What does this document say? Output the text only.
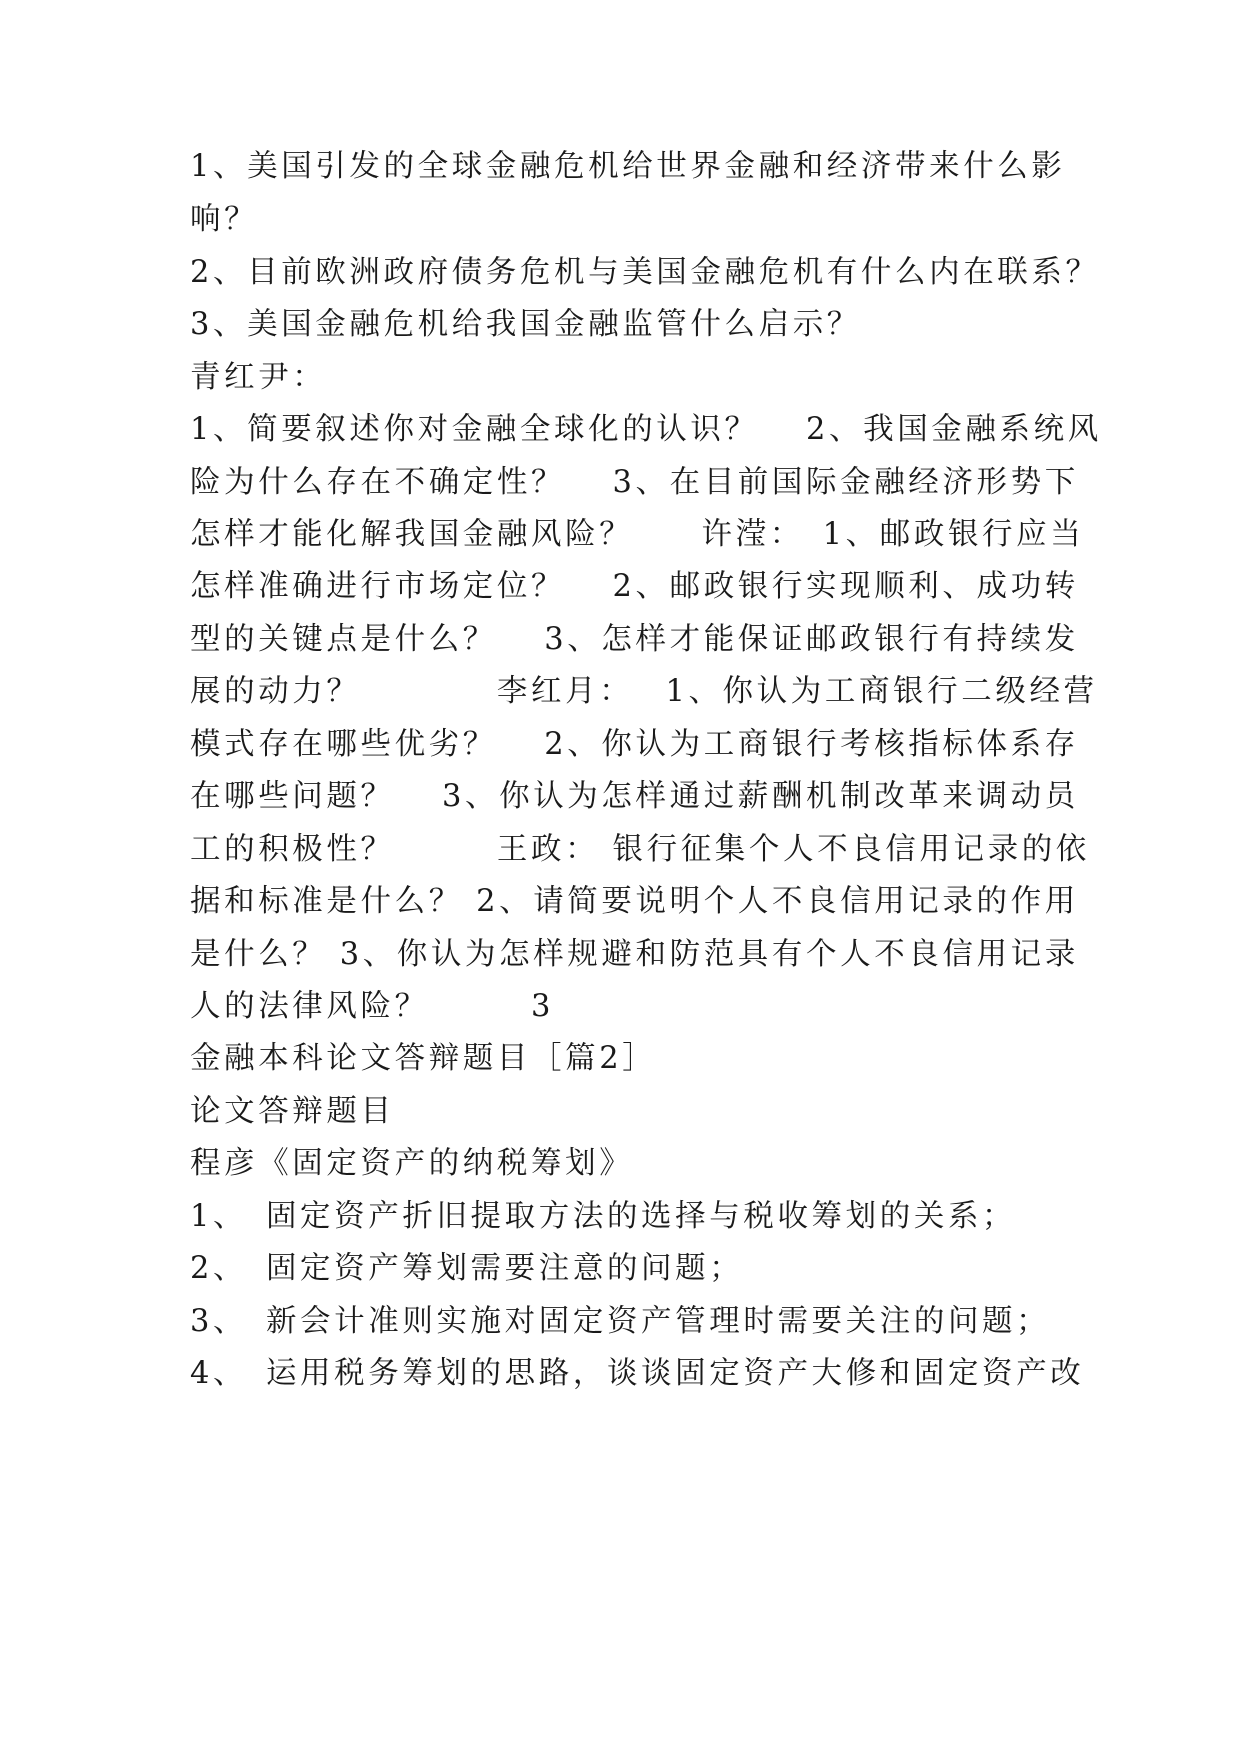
1、美国引发的全球金融危机给世界金融和经济带来什么影
响？
2、目前欧洲政府债务危机与美国金融危机有什么内在联系？
3、美国金融危机给我国金融监管什么启示？
青红尹：
1、简要叙述你对金融全球化的认识？　 2、我国金融系统风
险为什么存在不确定性？　 3、在目前国际金融经济形势下
怎样才能化解我国金融风险？　　许滢：　1、邮政银行应当
怎样准确进行市场定位？　 2、邮政银行实现顺利、成功转
型的关键点是什么？　 3、怎样才能保证邮政银行有持续发
展的动力？　　　　李红月：　 1、你认为工商银行二级经营
模式存在哪些优劣？　 2、你认为工商银行考核指标体系存
在哪些问题？　 3、你认为怎样通过薪酬机制改革来调动员
工的积极性？　　　王政： 银行征集个人不良信用记录的依
据和标准是什么？ 2、请简要说明个人不良信用记录的作用
是什么？ 3、你认为怎样规避和防范具有个人不良信用记录
人的法律风险？　　　3
金融本科论文答辩题目［篇2］
论文答辩题目
程彦《固定资产的纳税筹划》
1、　固定资产折旧提取方法的选择与税收筹划的关系；
2、　固定资产筹划需要注意的问题；
3、　新会计准则实施对固定资产管理时需要关注的问题；
4、　运用税务筹划的思路，谈谈固定资产大修和固定资产改
